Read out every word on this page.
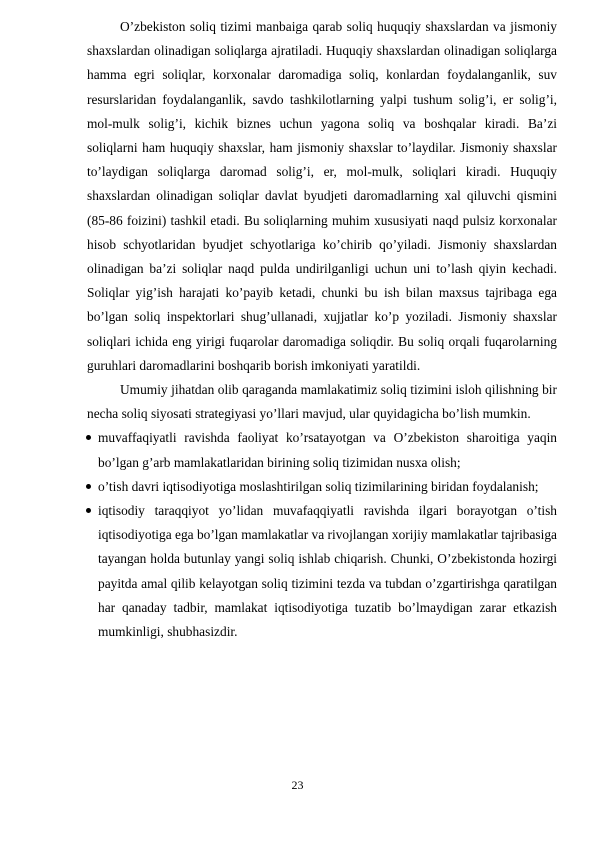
O’zbekiston soliq tizimi manbaiga qarab soliq huquqiy shaxslardan va jismoniy shaxslardan olinadigan soliqlarga ajratiladi. Huquqiy shaxslardan olinadigan soliqlarga hamma egri soliqlar, korxonalar daromadiga soliq, konlardan foydalanganlik, suv resurslaridan foydalanganlik, savdo tashkilotlarning yalpi tushum solig’i, er solig’i, mol-mulk solig’i, kichik biznes uchun yagona soliq va boshqalar kiradi. Ba’zi soliqlarni ham huquqiy shaxslar, ham jismoniy shaxslar to’laydilar. Jismoniy shaxslar to’laydigan soliqlarga daromad solig’i, er, mol-mulk, soliqlari kiradi. Huquqiy shaxslardan olinadigan soliqlar davlat byudjeti daromadlarning xal qiluvchi qismini (85-86 foizini) tashkil etadi. Bu soliqlarning muhim xususiyati naqd pulsiz korxonalar hisob schyotlaridan byudjet schyotlariga ko’chirib qo’yiladi. Jismoniy shaxslardan olinadigan ba’zi soliqlar naqd pulda undirilganligi uchun uni to’lash qiyin kechadi. Soliqlar yig’ish harajati ko’payib ketadi, chunki bu ish bilan maxsus tajribaga ega bo’lgan soliq inspektorlari shug’ullanadi, xujjatlar ko’p yoziladi. Jismoniy shaxslar soliqlari ichida eng yirigi fuqarolar daromadiga soliqdir. Bu soliq orqali fuqarolarning guruhlari daromadlarini boshqarib borish imkoniyati yaratildi.

Umumiy jihatdan olib qaraganda mamlakatimiz soliq tizimini isloh qilishning bir necha soliq siyosati strategiyasi yo’llari mavjud, ular quyidagicha bo’lish mumkin.

muvaffaqiyatli ravishda faoliyat ko’rsatayotgan va O’zbekiston sharoitiga yaqin bo’lgan g’arb mamlakatlaridan birining soliq tizimidan nusxa olish;
o’tish davri iqtisodiyotiga moslashtirilgan soliq tizimilarining biridan foydalanish;
iqtisodiy taraqqiyot yo’lidan muvafaqqiyatli ravishda ilgari borayotgan o’tish iqtisodiyotiga ega bo’lgan mamlakatlar va rivojlangan xorijiy mamlakatlar tajribasiga tayangan holda butunlay yangi soliq ishlab chiqarish. Chunki, O’zbekistonda hozirgi payitda amal qilib kelayotgan soliq tizimini tezda va tubdan o’zgartirishga qaratilgan har qanaday tadbir, mamlakat iqtisodiyotiga tuzatib bo’lmaydigan zarar etkazish mumkinligi, shubhasizdir.
23
